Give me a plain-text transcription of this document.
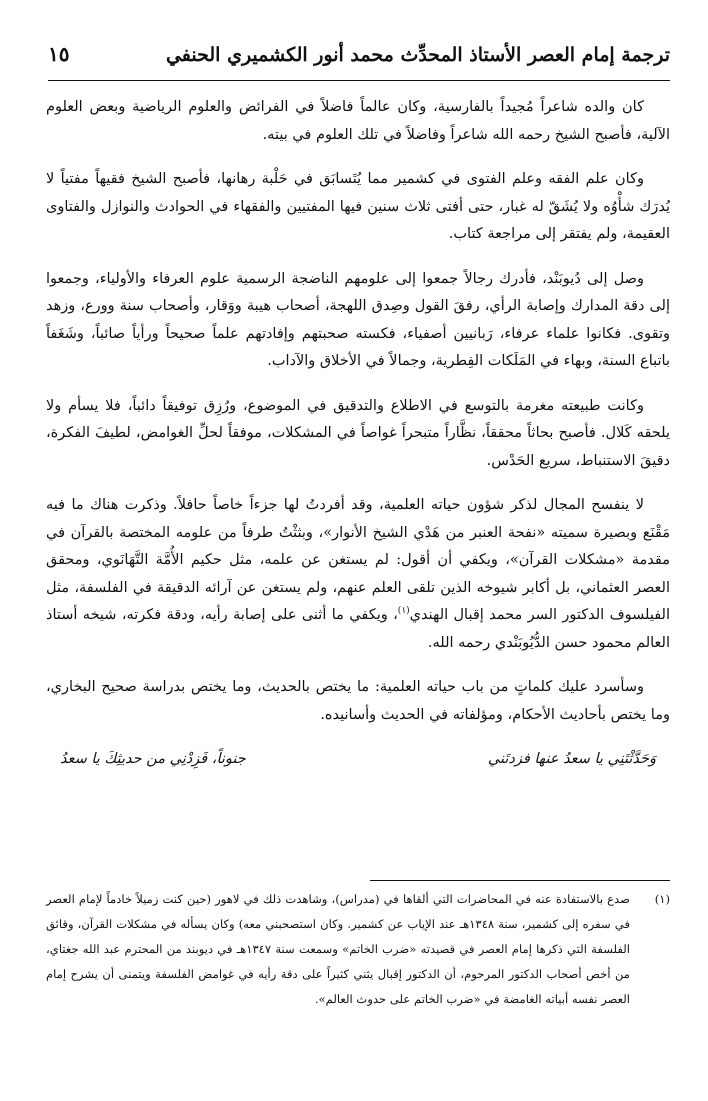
ترجمة إمام العصر الأستاذ المحدِّث محمد أنور الكشميري الحنفي
١٥

كان والده شاعراً مُجيداً بالفارسية، وكان عالماً فاضلاً في الفرائض والعلوم الرياضية وبعض العلوم الآلية، فأصبح الشيخ رحمه الله شاعراً وفاضلاً في تلك العلوم في بيته.

وكان علم الفقه وعلم الفتوى في كشمير مما يُتَسابَق في حَلْبة رهانها، فأصبح الشيخ فقيهاً مفتياً لا يُدرَك شأْوُه ولا يُشَقّ له غبار، حتى أفتى ثلاث سنين فيها المفتيين والفقهاء في الحوادث والنوازل والفتاوى العقيمة، ولم يفتقر إلى مراجعة كتاب.

وصل إلى دُيوبَنْد، فأدرك رجالاً جمعوا إلى علومهم الناضجة الرسمية علوم العرفاء والأولياء، وجمعوا إلى دقة المدارك وإصابة الرأي، رفقَ القول وصِدق اللهجة، أصحاب هيبة ووَقار، وأصحاب سنة وورع، وزهد وتقوى. فكانوا علماء عرفاء، رَبانيين أصفياء، فكسته صحبتهم وإفادتهم علماً صحيحاً ورأياً صائباً، وشَغَفاً باتباع السنة، وبهاء في المَلَكات الفِطرية، وجمالاً في الأخلاق والآداب.

وكانت طبيعته مغرمة بالتوسع في الاطلاع والتدقيق في الموضوع، ورُزِق توفيقاً دائباً، فلا يسأم ولا يلحقه كَلال. فأصبح بحاثاً محققاً، نظَّاراً متبحراً غواصاً في المشكلات، موفقاً لحلِّ الغوامض، لطيفَ الفكرة، دقيقَ الاستنباط، سريع الحَدْس.

لا ينفسح المجال لذكر شؤون حياته العلمية، وقد أفردتُ لها جزءاً خاصاً حافلاً. وذكرت هناك ما فيه مَقْنَع وبصيرة سميته «نفحة العنبر من هَدْي الشيخ الأنوار»، وبثثْتُ طرفاً من علومه المختصة بالقرآن في مقدمة «مشكلات القرآن»، ويكفي أن أقول: لم يستغن عن علمه، مثل حكيم الأُمَّة التَّهَانَوي، ومحقق العصر العثماني، بل أكابر شيوخه الذين تلقى العلم عنهم، ولم يستغن عن آرائه الدقيقة في الفلسفة، مثل الفيلسوف الدكتور السر محمد إقبال الهندي$^{(١)}$، ويكفي ما أثنى على إصابة رأيه، ودقة فكرته، شيخه أستاذ العالم محمود حسن الدُّيُوبَنْدي رحمه الله.

وسأسرد عليك كلماتٍ من باب حياته العلمية: ما يختص بالحديث، وما يختص بدراسة صحيح البخاري، وما يختص بأحاديث الأحكام، ومؤلفاته في الحديث وأسانيده.

وَحَدَّثْتَنِي يا سعدُ عنها فزدتَني
جنوناً، فَزِدْنِي من حديثِكَ يا سعدُ

(١)
صدع بالاستفادة عنه في المحاضرات التي ألقاها في (مدراس)، وشاهدت ذلك في لاهور (حين كنت زميلاً خادماً لإمام العصر في سفره إلى كشمير، سنة ١٣٤٨هـ عند الإياب عن كشمير. وكان استصحبني معه) وكان يسأله في مشكلات القرآن، وقائق الفلسفة التي ذكرها إمام العصر في قصيدته «ضرب الخاتم» وسمعت سنة ١٣٤٧هـ في ديوبند من المحترم عبد الله جغتاي، من أخص أصحاب الدكتور المرحوم، أن الدكتور إقبال يثني كثيراً على دقة رأيه في غوامض الفلسفة ويتمنى أن يشرح إمام العصر نفسه أبياته الغامضة في «ضرب الخاتم على حدوث العالم».
